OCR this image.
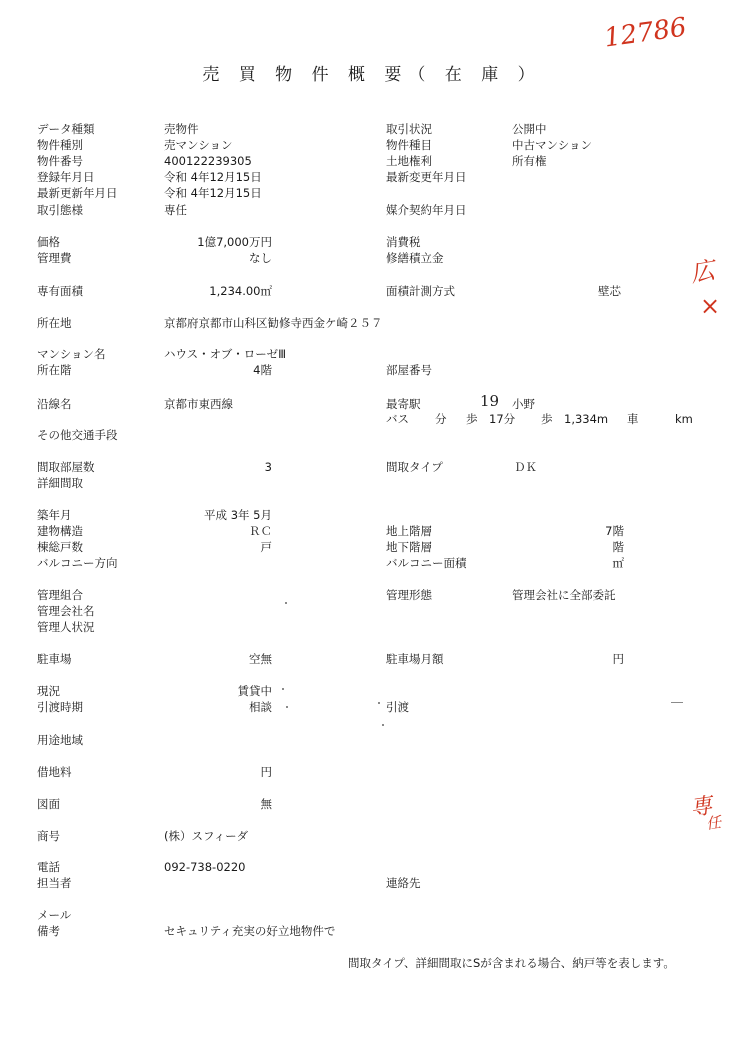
12786
広
×
専
任
19
売 買 物 件 概 要（ 在 庫 ）
データ種類
物件種別
物件番号
登録年月日
最新更新年月日
取引態様
価格
管理費
専有面積
所在地
マンション名
所在階
沿線名
その他交通手段
間取部屋数
詳細間取
築年月
建物構造
棟総戸数
バルコニー方向
管理組合
管理会社名
管理人状況
駐車場
現況
引渡時期
用途地域
借地料
図面
商号
電話
担当者
メール
備考
売物件
売マンション
400122239305
令和 4年12月15日
令和 4年12月15日
専任
京都府京都市山科区勧修寺西金ケ崎２５７
ハウス・オブ・ローゼⅢ
京都市東西線
(株）スフィーダ
092-738-0220
セキュリティ充実の好立地物件で
1億7,000万円
なし
1,234.00㎡
4階
3
平成 3年 5月
ＲＣ
戸
空無
賃貸中
相談
円
無
取引状況
物件種目
土地権利
最新変更年月日
媒介契約年月日
消費税
修繕積立金
面積計測方式
部屋番号
最寄駅
間取タイプ
地上階層
地下階層
バルコニー面積
管理形態
駐車場月額
引渡
連絡先
公開中
中古マンション
所有権
小野
ＤＫ
管理会社に全部委託
壁芯
7階
階
㎡
円
バス 分 歩 17分 歩 1,334m 車	km
間取タイプ、詳細間取にSが含まれる場合、納戸等を表します。
